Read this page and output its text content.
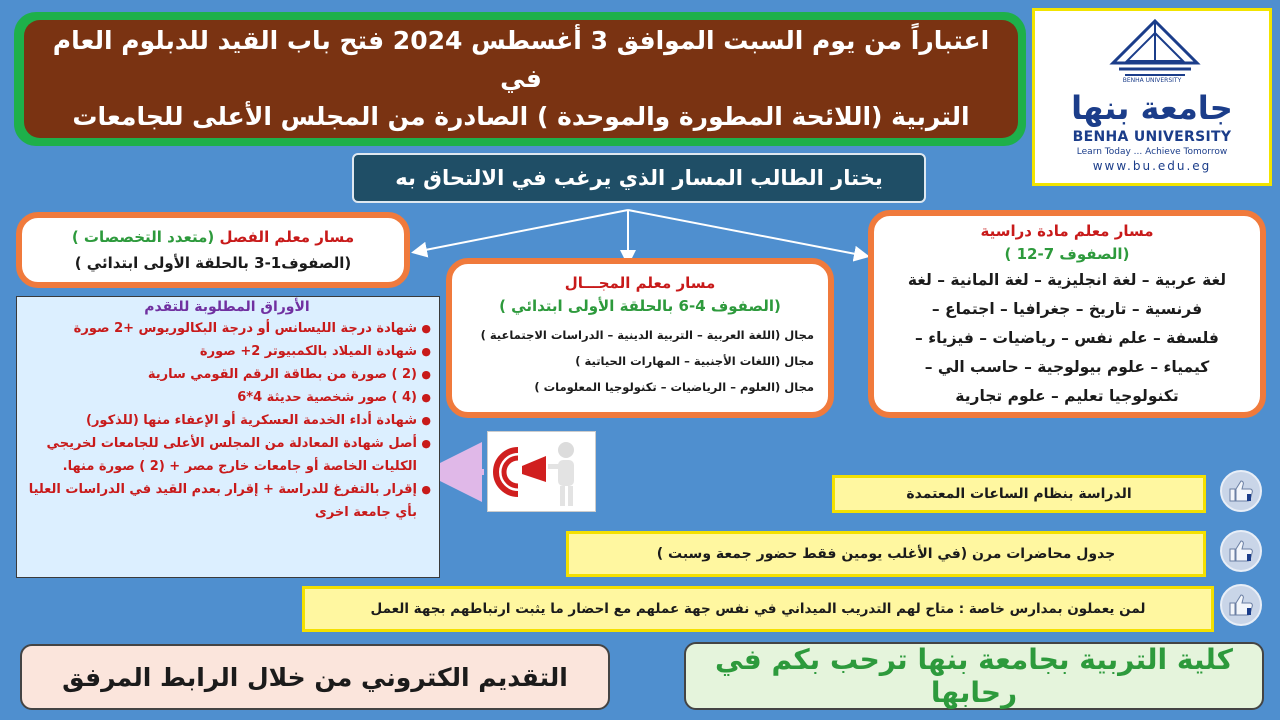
اعتباراً من يوم السبت الموافق 3 أغسطس 2024 فتح باب القيد للدبلوم العام في
التربية (اللائحة المطورة والموحدة ) الصادرة من المجلس الأعلى للجامعات
BENHA UNIVERSITY
جامعة بنها
BENHA UNIVERSITY
Learn Today ... Achieve Tomorrow
www.bu.edu.eg
يختار الطالب المسار الذي يرغب في الالتحاق به
مسار معلم الفصل (متعدد التخصصات )
(الصفوف1-3 بالحلقة الأولى ابتدائي )
مسار معلم المجـــال
(الصفوف 4-6 بالحلقة الأولى ابتدائي )
مجال (اللغة العربية – التربية الدينية – الدراسات الاجتماعية )
مجال (اللغات الأجنبية – المهارات الحياتية )
مجال (العلوم – الرياضيات – تكنولوجيا المعلومات )
مسار معلم مادة دراسية
(الصفوف 7-12 )
لغة عربية – لغة انجليزية – لغة المانية – لغة
فرنسية – تاريخ – جغرافيا – اجتماع –
فلسفة – علم نفس – رياضيات – فيزياء –
كيمياء – علوم بيولوجية – حاسب الي –
تكنولوجيا تعليم – علوم تجارية
الأوراق المطلوبة للتقدم
●
شهادة درجة الليسانس أو درجة البكالوريوس +2 صورة
●
شهادة الميلاد بالكمبيوتر 2+ صورة
●
(2 ) صورة من بطاقة الرقم القومي سارية
●
(4 ) صور شخصية حديثة 4*6
●
شهادة أداء الخدمة العسكرية أو الإعفاء منها (للذكور)
●
أصل شهادة المعادلة من المجلس الأعلى للجامعات لخريجي الكليات الخاصة أو جامعات خارج مصر + (2 ) صورة منها.
●
إقرار بالتفرغ للدراسة + إقرار بعدم القيد في الدراسات العليا بأي جامعة اخرى
الدراسة بنظام الساعات المعتمدة
جدول محاضرات مرن (في الأغلب يومين فقط حضور جمعة وسبت )
لمن يعملون بمدارس خاصة : متاح لهم التدريب الميداني في نفس جهة عملهم مع احضار ما يثبت ارتباطهم بجهة العمل
التقديم الكتروني من خلال الرابط المرفق
كلية التربية بجامعة بنها ترحب بكم في رحابها
